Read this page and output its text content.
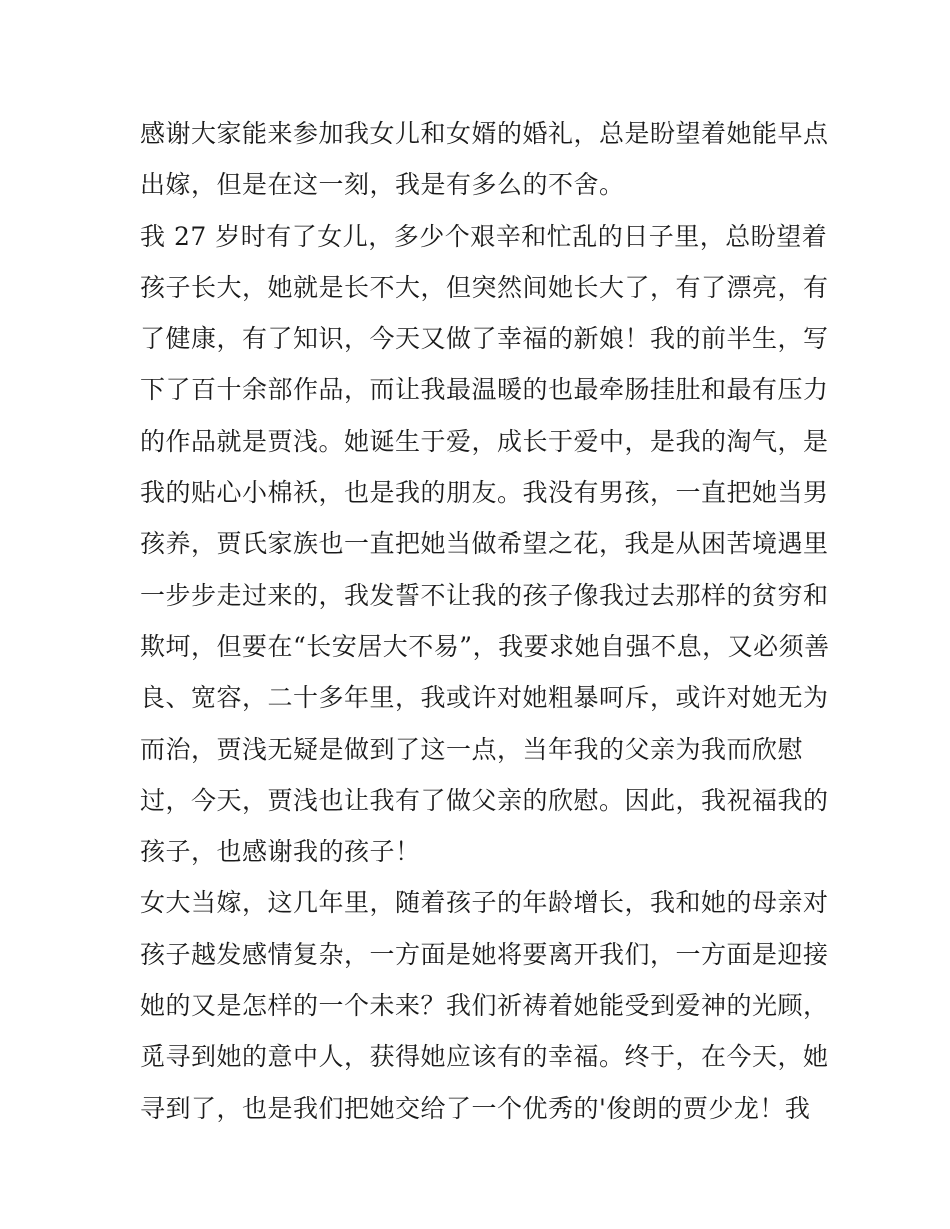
感谢大家能来参加我女儿和女婿的婚礼，总是盼望着她能早点
出嫁，但是在这一刻，我是有多么的不舍。
我 27 岁时有了女儿，多少个艰辛和忙乱的日子里，总盼望着
孩子长大，她就是长不大，但突然间她长大了，有了漂亮，有
了健康，有了知识，今天又做了幸福的新娘！我的前半生，写
下了百十余部作品，而让我最温暖的也最牵肠挂肚和最有压力
的作品就是贾浅。她诞生于爱，成长于爱中，是我的淘气，是
我的贴心小棉袄，也是我的朋友。我没有男孩，一直把她当男
孩养，贾氏家族也一直把她当做希望之花，我是从困苦境遇里
一步步走过来的，我发誓不让我的孩子像我过去那样的贫穷和
欺坷，但要在“长安居大不易”，我要求她自强不息，又必须善
良、宽容，二十多年里，我或许对她粗暴呵斥，或许对她无为
而治，贾浅无疑是做到了这一点，当年我的父亲为我而欣慰
过，今天，贾浅也让我有了做父亲的欣慰。因此，我祝福我的
孩子，也感谢我的孩子！
女大当嫁，这几年里，随着孩子的年龄增长，我和她的母亲对
孩子越发感情复杂，一方面是她将要离开我们，一方面是迎接
她的又是怎样的一个未来？我们祈祷着她能受到爱神的光顾，
觅寻到她的意中人，获得她应该有的幸福。终于，在今天，她
寻到了，也是我们把她交给了一个优秀的'俊朗的贾少龙！我
